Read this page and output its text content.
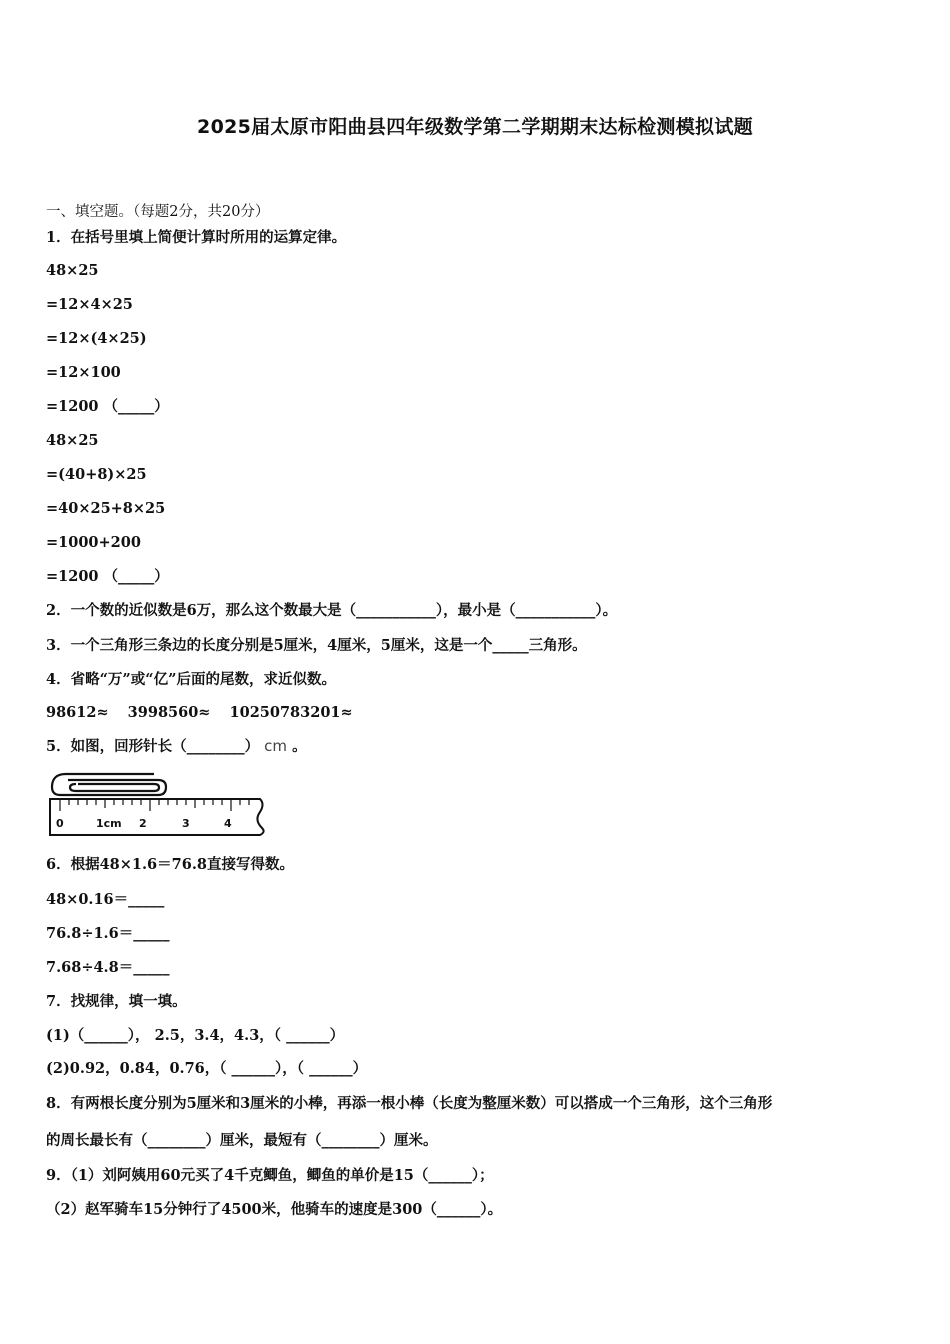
2025届太原市阳曲县四年级数学第二学期期末达标检测模拟试题
一、填空题。（每题2分，共20分）
1．在括号里填上简便计算时所用的运算定律。
48×25
=12×4×25
=12×(4×25)
=12×100
=1200 （_____）
48×25
=(40+8)×25
=40×25+8×25
=1000+200
=1200 （_____）
2．一个数的近似数是6万，那么这个数最大是（___________），最小是（___________）。
3．一个三角形三条边的长度分别是5厘米，4厘米，5厘米，这是一个_____三角形。
4．省略“万”或“亿”后面的尾数，求近似数。
98612≈ 3998560≈ 10250783201≈
5．如图，回形针长（________） cm 。
0	1cm 2	3	4
6．根据48×1.6＝76.8直接写得数。
48×0.16＝_____
76.8÷1.6＝_____
7.68÷4.8＝_____
7．找规律，填一填。
(1)（______）， 2.5，3.4，4.3，（ ______）
(2)0.92，0.84，0.76，（ ______），（ ______）
8．有两根长度分别为5厘米和3厘米的小棒，再添一根小棒（长度为整厘米数）可以搭成一个三角形，这个三角形
的周长最长有（________）厘米，最短有（________）厘米。
9．（1）刘阿姨用60元买了4千克鲫鱼，鲫鱼的单价是15（______）；
（2）赵军骑车15分钟行了4500米，他骑车的速度是300（______）。
